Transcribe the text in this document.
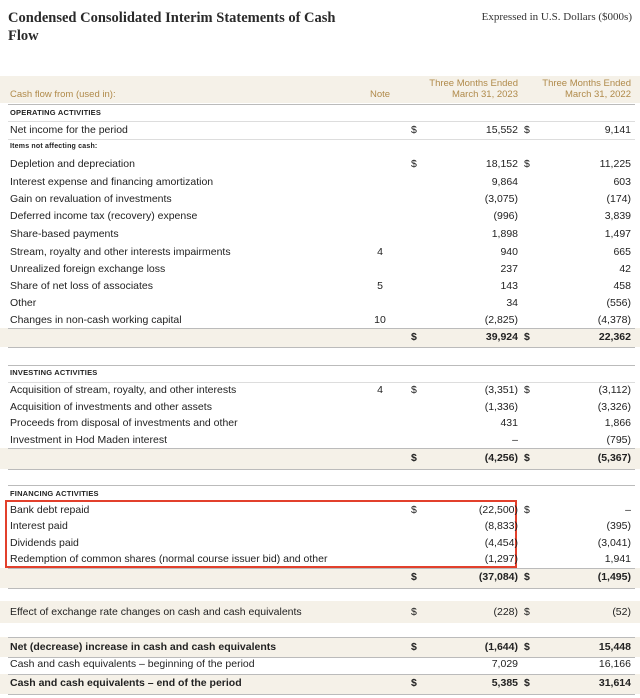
Condensed Consolidated Interim Statements of Cash Flow
Expressed in U.S. Dollars ($000s)
Cash flow from (used in):	Note
Three Months Ended
March 31, 2023
Three Months Ended
March 31, 2022
OPERATING ACTIVITIES
Items not affecting cash:
INVESTING ACTIVITIES
FINANCING ACTIVITIES
Net income for the period	$	15,552 $	9,141
Depletion and depreciation	$	18,152 $	11,225
Interest expense and financing amortization	9,864	603
Gain on revaluation of investments	(3,075)	(174)
Deferred income tax (recovery) expense	(996)	3,839
Share-based payments	1,898	1,497
Stream, royalty and other interests impairments	4	940	665
Unrealized foreign exchange loss	237	42
Share of net loss of associates	5	143	458
Other	34	(556)
Changes in non-cash working capital	10	(2,825)	(4,378)
$	39,924 $	22,362
Acquisition of stream, royalty, and other interests	4	$	(3,351) $	(3,112)
Acquisition of investments and other assets	(1,336)	(3,326)
Proceeds from disposal of investments and other	431	1,866
Investment in Hod Maden interest	–	(795)
$	(4,256) $	(5,367)
Bank debt repaid	$	(22,500) $	–
Interest paid	(8,833)	(395)
Dividends paid	(4,454)	(3,041)
Redemption of common shares (normal course issuer bid) and other	(1,297)	1,941
$	(37,084) $	(1,495)
Effect of exchange rate changes on cash and cash equivalents	$	(228) $	(52)
Net (decrease) increase in cash and cash equivalents	$	(1,644) $	15,448
Cash and cash equivalents – beginning of the period	7,029	16,166
Cash and cash equivalents – end of the period	$	5,385 $	31,614
